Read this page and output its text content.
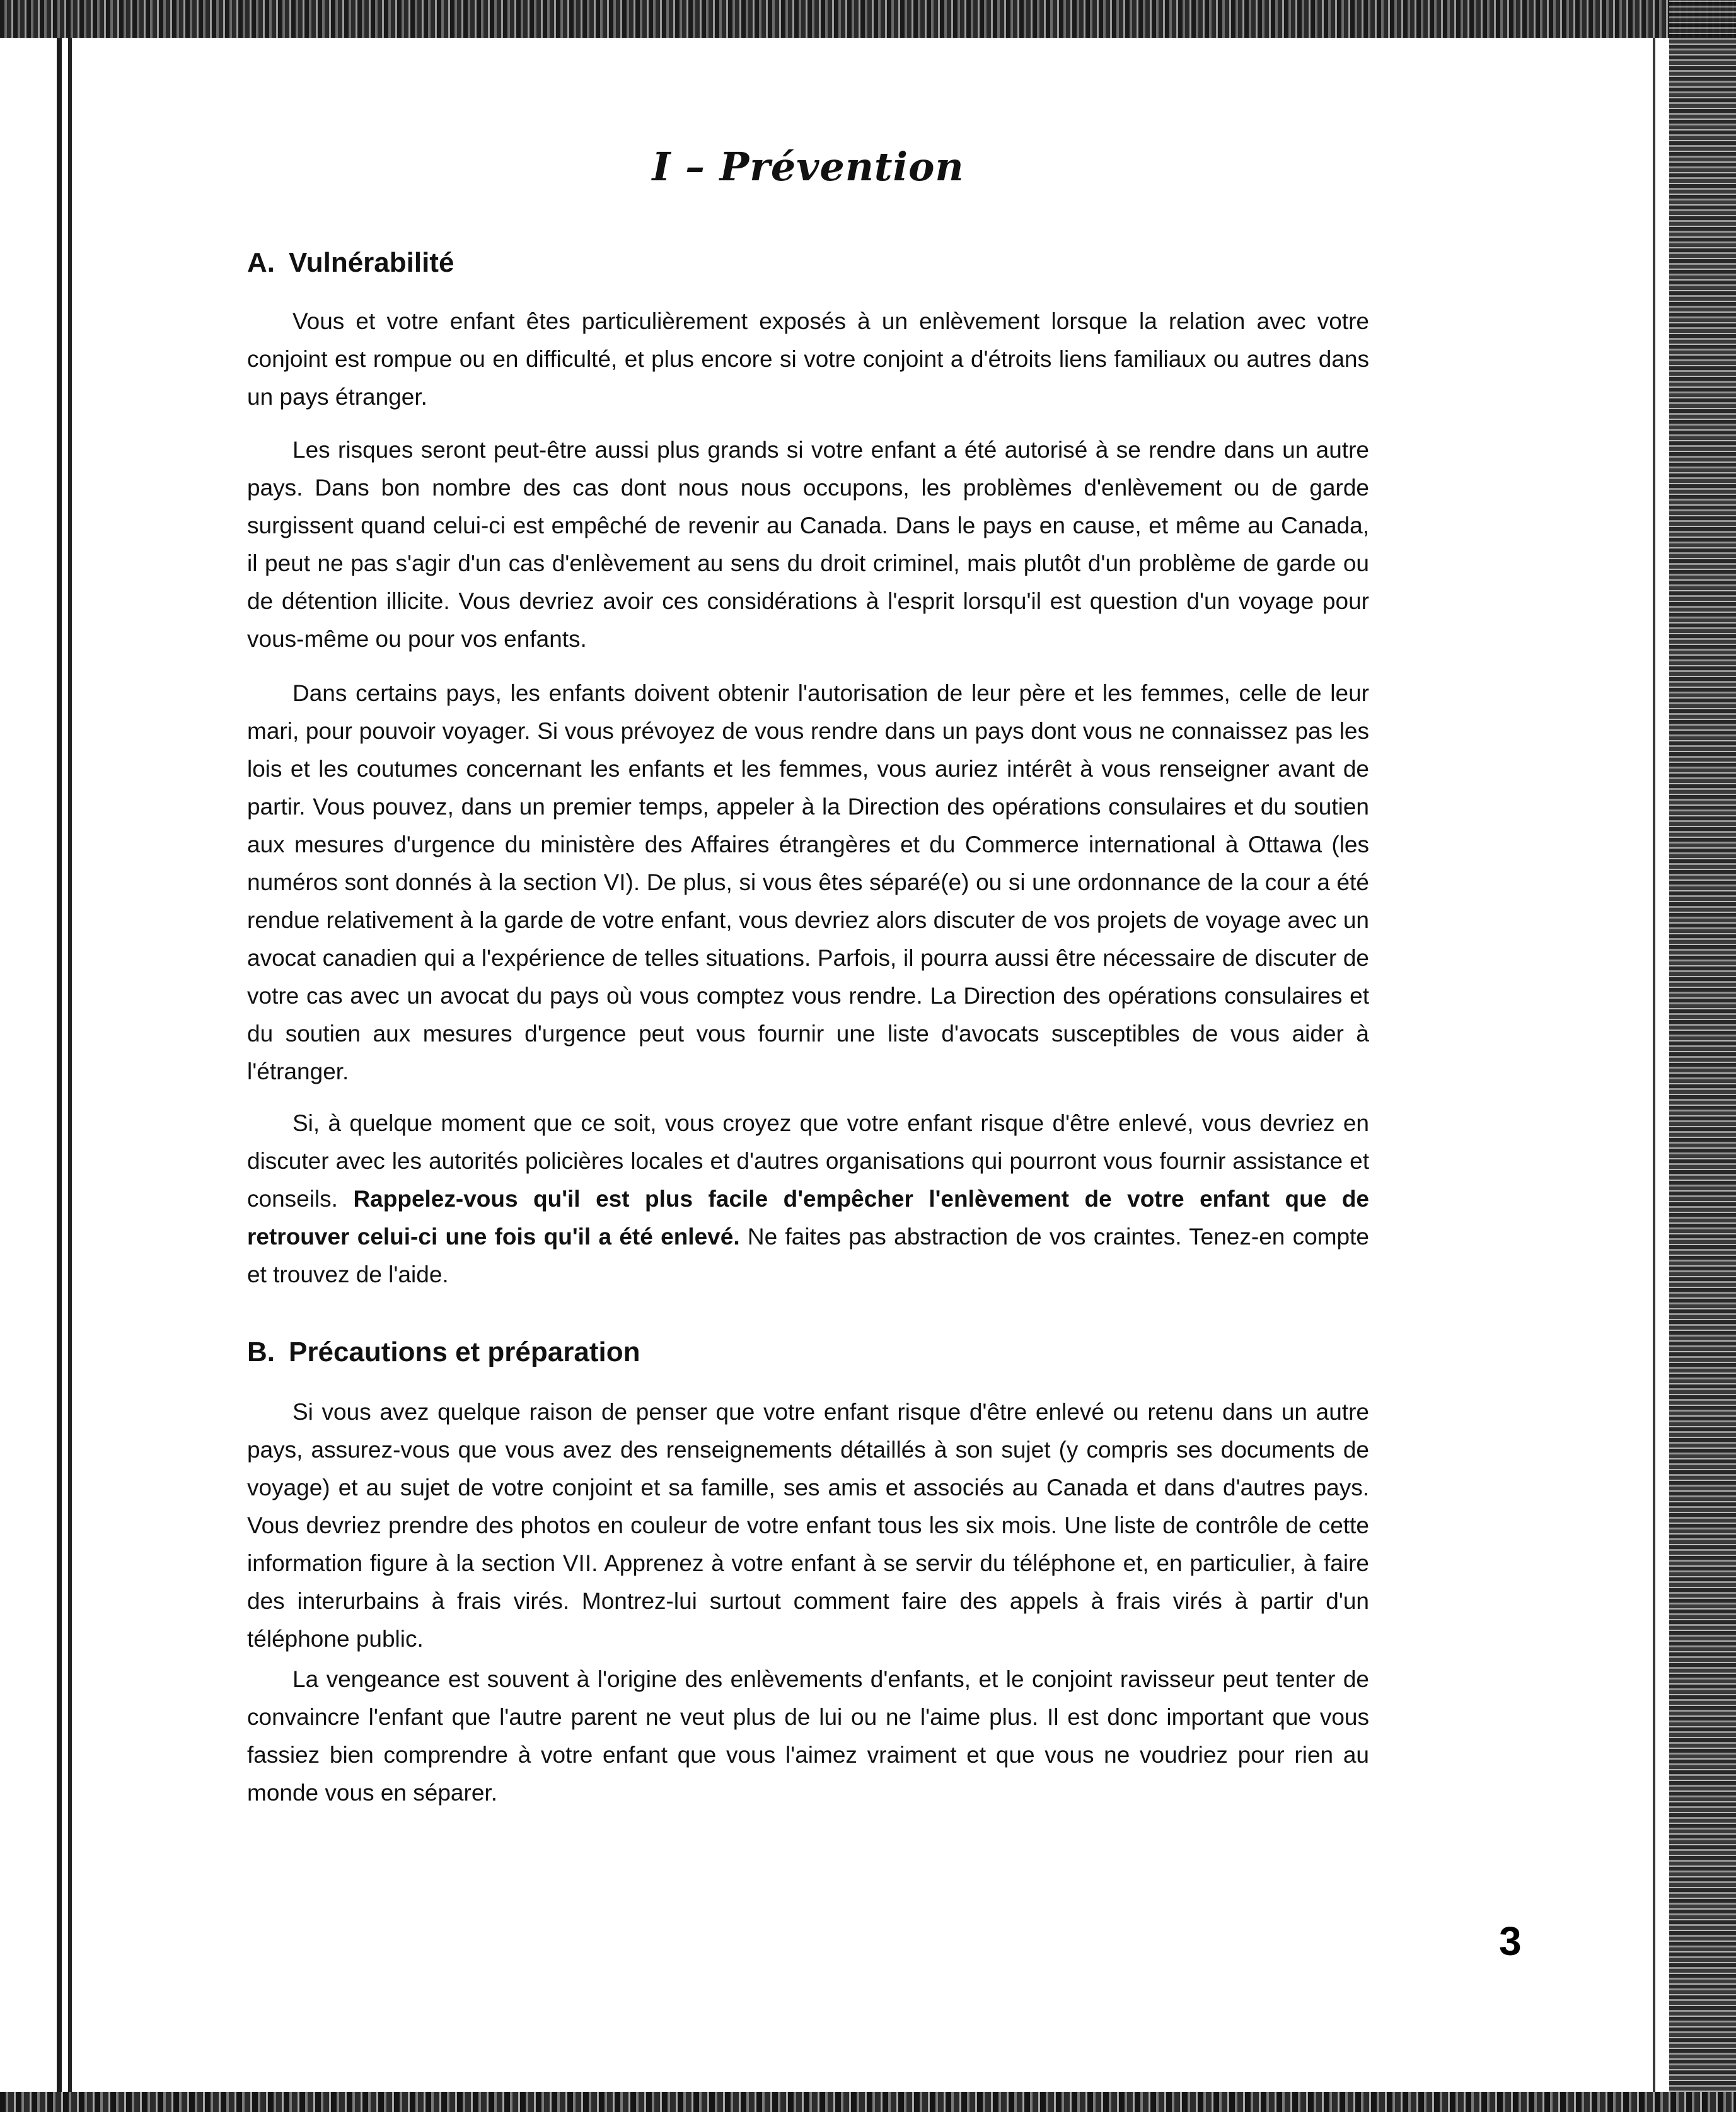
I – Prévention
A. Vulnérabilité

Vous et votre enfant êtes particulièrement exposés à un enlèvement lorsque la relation avec votre conjoint est rompue ou en difficulté, et plus encore si votre conjoint a d'étroits liens familiaux ou autres dans un pays étranger.

Les risques seront peut-être aussi plus grands si votre enfant a été autorisé à se rendre dans un autre pays. Dans bon nombre des cas dont nous nous occupons, les problèmes d'enlèvement ou de garde surgissent quand celui-ci est empêché de revenir au Canada. Dans le pays en cause, et même au Canada, il peut ne pas s'agir d'un cas d'enlèvement au sens du droit criminel, mais plutôt d'un problème de garde ou de détention illicite. Vous devriez avoir ces considérations à l'esprit lorsqu'il est question d'un voyage pour vous-même ou pour vos enfants.

Dans certains pays, les enfants doivent obtenir l'autorisation de leur père et les femmes, celle de leur mari, pour pouvoir voyager. Si vous prévoyez de vous rendre dans un pays dont vous ne connaissez pas les lois et les coutumes concernant les enfants et les femmes, vous auriez intérêt à vous renseigner avant de partir. Vous pouvez, dans un premier temps, appeler à la Direction des opérations consulaires et du soutien aux mesures d'urgence du ministère des Affaires étrangères et du Commerce international à Ottawa (les numéros sont donnés à la section VI). De plus, si vous êtes séparé(e) ou si une ordonnance de la cour a été rendue relativement à la garde de votre enfant, vous devriez alors discuter de vos projets de voyage avec un avocat canadien qui a l'expérience de telles situations. Parfois, il pourra aussi être nécessaire de discuter de votre cas avec un avocat du pays où vous comptez vous rendre. La Direction des opérations consulaires et du soutien aux mesures d'urgence peut vous fournir une liste d'avocats susceptibles de vous aider à l'étranger.

Si, à quelque moment que ce soit, vous croyez que votre enfant risque d'être enlevé, vous devriez en discuter avec les autorités policières locales et d'autres organisations qui pourront vous fournir assistance et conseils. Rappelez-vous qu'il est plus facile d'empêcher l'enlèvement de votre enfant que de retrouver celui-ci une fois qu'il a été enlevé. Ne faites pas abstraction de vos craintes. Tenez-en compte et trouvez de l'aide.

B. Précautions et préparation

Si vous avez quelque raison de penser que votre enfant risque d'être enlevé ou retenu dans un autre pays, assurez-vous que vous avez des renseignements détaillés à son sujet (y compris ses documents de voyage) et au sujet de votre conjoint et sa famille, ses amis et associés au Canada et dans d'autres pays. Vous devriez prendre des photos en couleur de votre enfant tous les six mois. Une liste de contrôle de cette information figure à la section VII. Apprenez à votre enfant à se servir du téléphone et, en particulier, à faire des interurbains à frais virés. Montrez-lui surtout comment faire des appels à frais virés à partir d'un téléphone public.

La vengeance est souvent à l'origine des enlèvements d'enfants, et le conjoint ravisseur peut tenter de convaincre l'enfant que l'autre parent ne veut plus de lui ou ne l'aime plus. Il est donc important que vous fassiez bien comprendre à votre enfant que vous l'aimez vraiment et que vous ne voudriez pour rien au monde vous en séparer.

3
